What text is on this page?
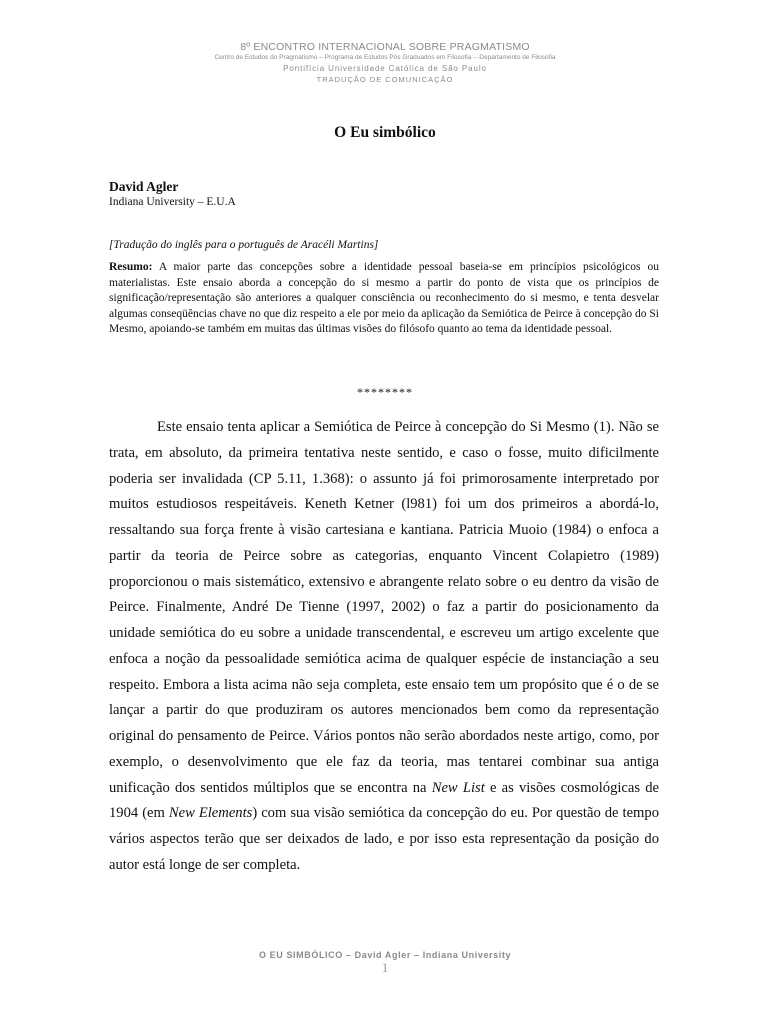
8º ENCONTRO INTERNACIONAL SOBRE PRAGMATISMO
Centro de Estudos do Pragmatismo – Programa de Estudos Pós Graduados em Filosofia -- Departamento de Filosofia
Pontifícia Universidade Católica de São Paulo
TRADUÇÃO DE COMUNICAÇÃO
O Eu simbólico
David Agler
Indiana University – E.U.A
[Tradução do inglês para o português de Aracéli Martins]
Resumo: A maior parte das concepções sobre a identidade pessoal baseia-se em princípios psicológicos ou materialistas. Este ensaio aborda a concepção do si mesmo a partir do ponto de vista que os princípios de significação/representação são anteriores a qualquer consciência ou reconhecimento do si mesmo, e tenta desvelar algumas conseqüências chave no que diz respeito a ele por meio da aplicação da Semiótica de Peirce à concepção do Si Mesmo, apoiando-se também em muitas das últimas visões do filósofo quanto ao tema da identidade pessoal.
********
Este ensaio tenta aplicar a Semiótica de Peirce à concepção do Si Mesmo (1). Não se trata, em absoluto, da primeira tentativa neste sentido, e caso o fosse, muito dificilmente poderia ser invalidada (CP 5.11, 1.368): o assunto já foi primorosamente interpretado por muitos estudiosos respeitáveis. Keneth Ketner (l981) foi um dos primeiros a abordá-lo, ressaltando sua força frente à visão cartesiana e kantiana. Patricia Muoio (1984) o enfoca a partir da teoria de Peirce sobre as categorias, enquanto Vincent Colapietro (1989) proporcionou o mais sistemático, extensivo e abrangente relato sobre o eu dentro da visão de Peirce. Finalmente, André De Tienne (1997, 2002) o faz a partir do posicionamento da unidade semiótica do eu sobre a unidade transcendental, e escreveu um artigo excelente que enfoca a noção da pessoalidade semiótica acima de qualquer espécie de instanciação a seu respeito. Embora a lista acima não seja completa, este ensaio tem um propósito que é o de se lançar a partir do que produziram os autores mencionados bem como da representação original do pensamento de Peirce. Vários pontos não serão abordados neste artigo, como, por exemplo, o desenvolvimento que ele faz da teoria, mas tentarei combinar sua antiga unificação dos sentidos múltiplos que se encontra na New List e as visões cosmológicas de 1904 (em New Elements) com sua visão semiótica da concepção do eu. Por questão de tempo vários aspectos terão que ser deixados de lado, e por isso esta representação da posição do autor está longe de ser completa.
O EU SIMBÓLICO – David Agler – Indiana University
1
